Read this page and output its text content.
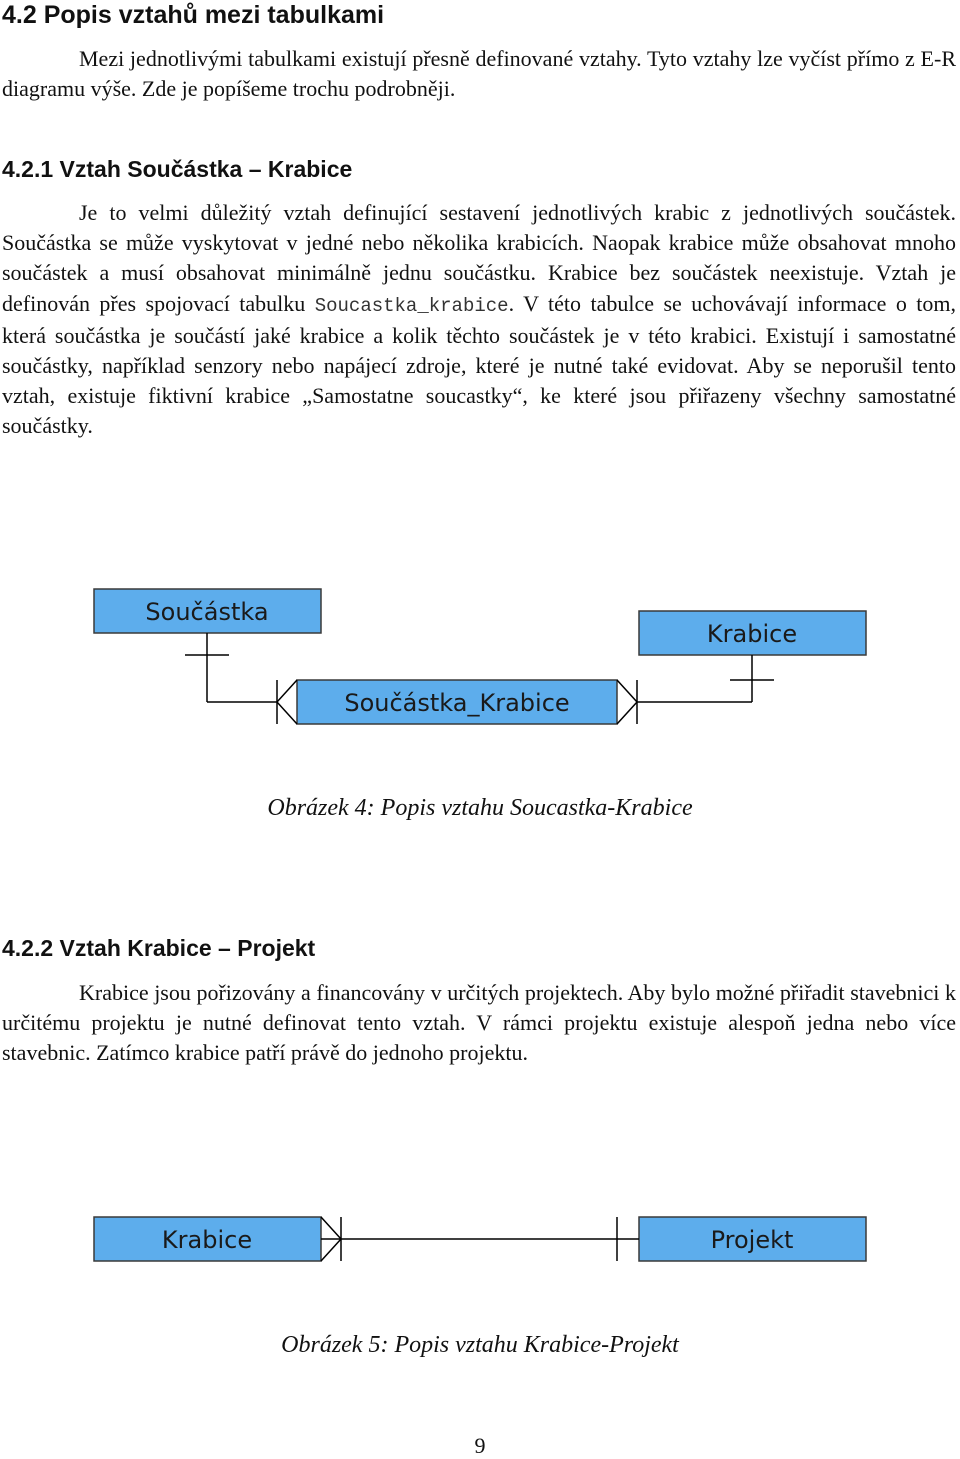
4.2 Popis vztahů mezi tabulkami

Mezi jednotlivými tabulkami existují přesně definované vztahy. Tyto vztahy lze vyčíst přímo z E-R diagramu výše. Zde je popíšeme trochu podrobněji.

4.2.1 Vztah Součástka – Krabice

Je to velmi důležitý vztah definující sestavení jednotlivých krabic z jednotlivých součástek. Součástka se může vyskytovat v jedné nebo několika krabicích. Naopak krabice může obsahovat mnoho součástek a musí obsahovat minimálně jednu součástku. Krabice bez součástek neexistuje. Vztah je definován přes spojovací tabulku Soucastka_krabice. V této tabulce se uchovávají informace o tom, která součástka je součástí jaké krabice a kolik těchto součástek je v této krabici. Existují i samostatné součástky, například senzory nebo napájecí zdroje, které je nutné také evidovat. Aby se neporušil tento vztah, existuje fiktivní krabice „Samostatne soucastky“, ke které jsou přiřazeny všechny samostatné součástky.

Součástka
Krabice
Součástka_Krabice

Obrázek 4: Popis vztahu Soucastka-Krabice

4.2.2 Vztah Krabice – Projekt

Krabice jsou pořizovány a financovány v určitých projektech. Aby bylo možné přiřadit stavebnici k určitému projektu je nutné definovat tento vztah. V rámci projektu existuje alespoň jedna nebo více stavebnic. Zatímco krabice patří právě do jednoho projektu.

Krabice	Projekt

Obrázek 5: Popis vztahu Krabice-Projekt

9
